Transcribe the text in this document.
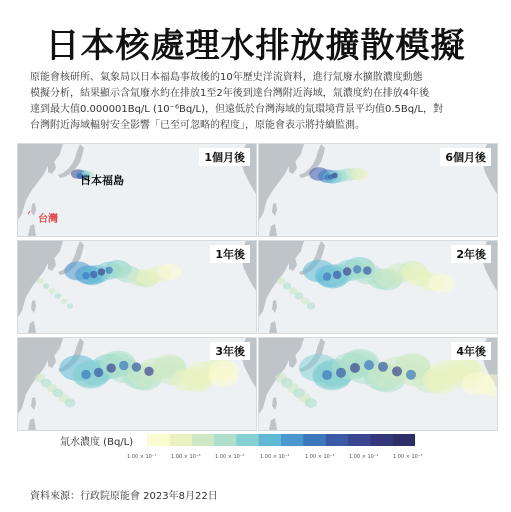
日本核處理水排放擴散模擬
原能會核研所、氣象局以日本福島事故後的10年歷史洋流資料，進行氚廢水擴散濃度動態
模擬分析，結果顯示含氚廢水約在排放1至2年後到達台灣附近海域，氚濃度約在排放4年後
達到最大值0.000001Bq/L (10⁻⁶Bq/L)，但遠低於台灣海域的氚環境背景平均值0.5Bq/L，對
台灣附近海域輻射安全影響「已至可忽略的程度」，原能會表示將持續監測。
1個月後
日本福島
台灣
6個月後
1年後	2年後
3年後	4年後
氚水濃度 (Bq/L)
1.00 × 10⁻⁷	1.00 × 10⁻⁶	1.00 × 10⁻⁵	1.00 × 10⁻⁴	1.00 × 10⁻³	1.00 × 10⁻²	1.00 × 10⁻¹
資料來源：行政院原能會 2023年8月22日
